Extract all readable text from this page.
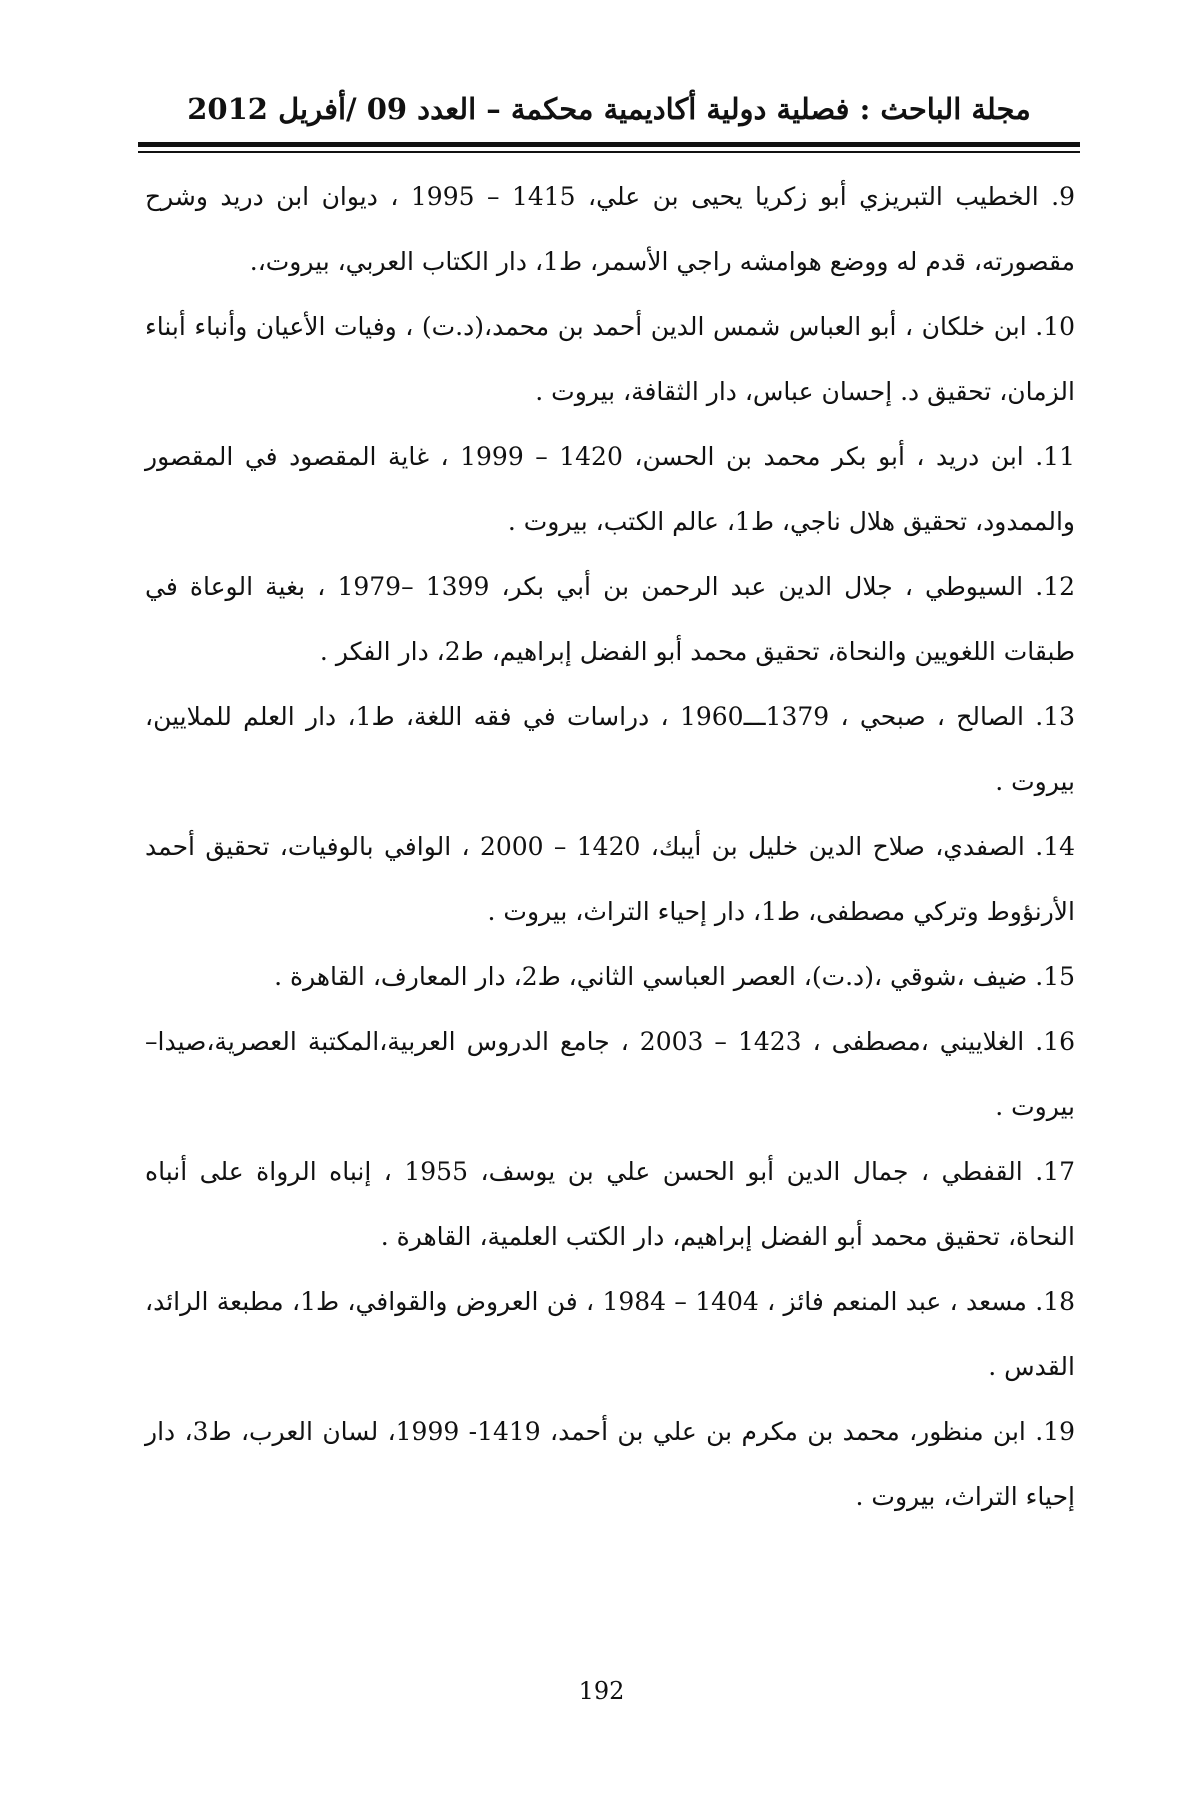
مجلة الباحث : فصلية دولية أكاديمية محكمة – العدد 09 /أفريل 2012

9. الخطيب التبريزي أبو زكريا يحيى بن علي، 1415 – 1995 ، ديوان ابن دريد وشرح مقصورته، قدم له ووضع هوامشه راجي الأسمر، ط1، دار الكتاب العربي، بيروت،.

10. ابن خلكان ، أبو العباس شمس الدين أحمد بن محمد،(د.ت) ، وفيات الأعيان وأنباء أبناء الزمان، تحقيق د. إحسان عباس، دار الثقافة، بيروت .

11. ابن دريد ، أبو بكر محمد بن الحسن، 1420 – 1999 ، غاية المقصود في المقصور والممدود، تحقيق هلال ناجي، ط1، عالم الكتب، بيروت .

12. السيوطي ، جلال الدين عبد الرحمن بن أبي بكر، 1399 –1979 ، بغية الوعاة في طبقات اللغويين والنحاة، تحقيق محمد أبو الفضل إبراهيم، ط2، دار الفكر .

13. الصالح ، صبحي ، 1379ـــ1960 ، دراسات في فقه اللغة، ط1، دار العلم للملايين، بيروت .

14. الصفدي، صلاح الدين خليل بن أيبك، 1420 – 2000 ، الوافي بالوفيات، تحقيق أحمد الأرنؤوط وتركي مصطفى، ط1، دار إحياء التراث، بيروت .

15. ضيف ،شوقي ،(د.ت)، العصر العباسي الثاني، ط2، دار المعارف، القاهرة .

16. الغلاييني ،مصطفى ، 1423 – 2003 ، جامع الدروس العربية،المكتبة العصرية،صيدا– بيروت .

17. القفطي ، جمال الدين أبو الحسن علي بن يوسف، 1955 ، إنباه الرواة على أنباه النحاة، تحقيق محمد أبو الفضل إبراهيم، دار الكتب العلمية، القاهرة .

18. مسعد ، عبد المنعم فائز ، 1404 – 1984 ، فن العروض والقوافي، ط1، مطبعة الرائد، القدس .

19. ابن منظور، محمد بن مكرم بن علي بن أحمد، 1419- 1999، لسان العرب، ط3، دار إحياء التراث، بيروت .

192
